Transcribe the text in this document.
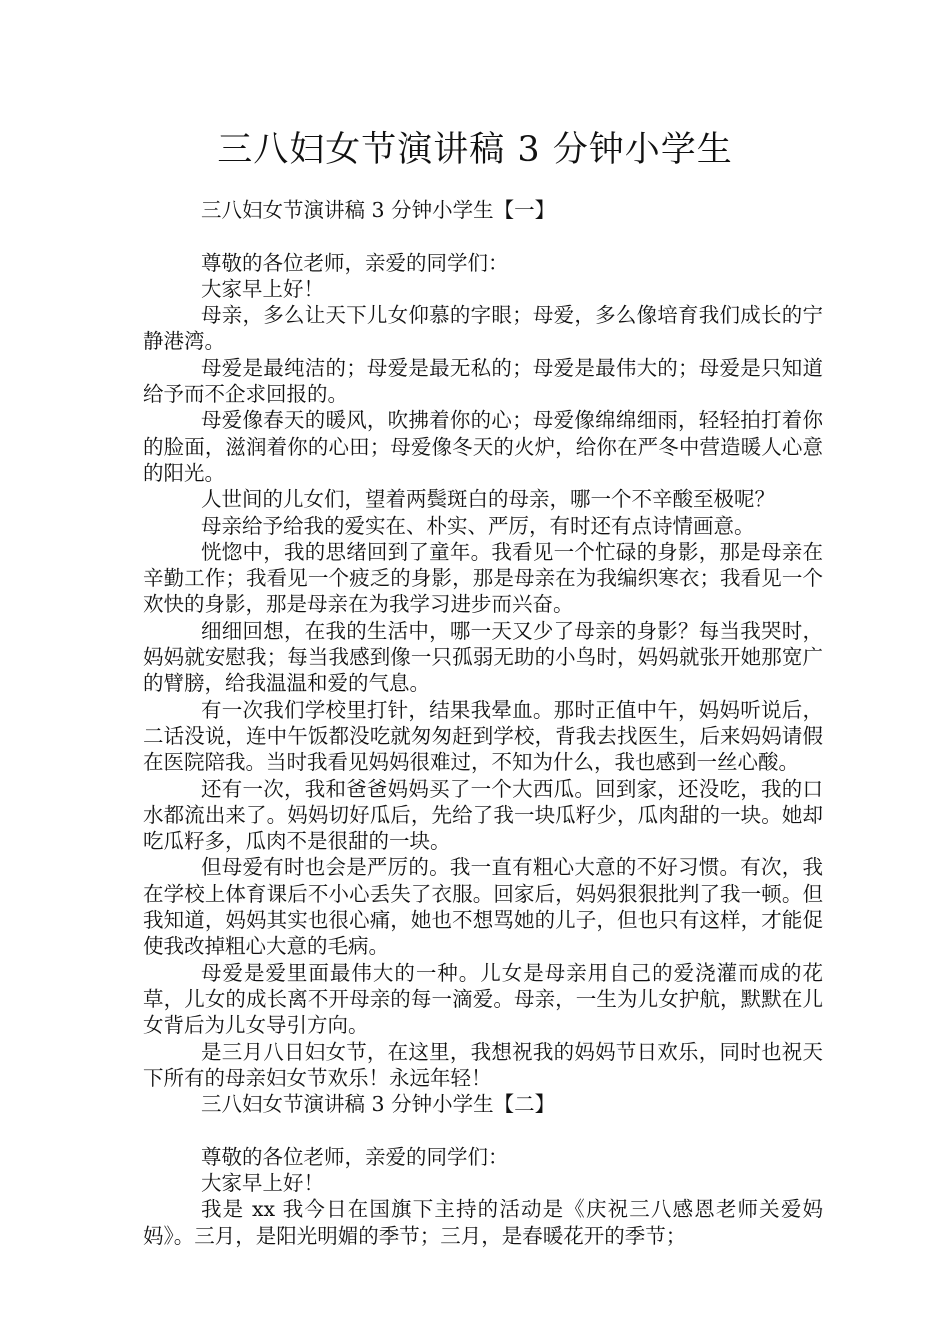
三八妇女节演讲稿 3 分钟小学生

三八妇女节演讲稿 3 分钟小学生【一】

尊敬的各位老师，亲爱的同学们：

大家早上好！

母亲，多么让天下儿女仰慕的字眼；母爱，多么像培育我们成长的宁静港湾。

母爱是最纯洁的；母爱是最无私的；母爱是最伟大的；母爱是只知道给予而不企求回报的。

母爱像春天的暖风，吹拂着你的心；母爱像绵绵细雨，轻轻拍打着你的脸面，滋润着你的心田；母爱像冬天的火炉，给你在严冬中营造暖人心意的阳光。

人世间的儿女们，望着两鬓斑白的母亲，哪一个不辛酸至极呢？

母亲给予给我的爱实在、朴实、严厉，有时还有点诗情画意。

恍惚中，我的思绪回到了童年。我看见一个忙碌的身影，那是母亲在辛勤工作；我看见一个疲乏的身影，那是母亲在为我编织寒衣；我看见一个欢快的身影，那是母亲在为我学习进步而兴奋。

细细回想，在我的生活中，哪一天又少了母亲的身影？每当我哭时，妈妈就安慰我；每当我感到像一只孤弱无助的小鸟时，妈妈就张开她那宽广的臂膀，给我温温和爱的气息。

有一次我们学校里打针，结果我晕血。那时正值中午，妈妈听说后，二话没说，连中午饭都没吃就匆匆赶到学校，背我去找医生，后来妈妈请假在医院陪我。当时我看见妈妈很难过，不知为什么，我也感到一丝心酸。

还有一次，我和爸爸妈妈买了一个大西瓜。回到家，还没吃，我的口水都流出来了。妈妈切好瓜后，先给了我一块瓜籽少，瓜肉甜的一块。她却吃瓜籽多，瓜肉不是很甜的一块。

但母爱有时也会是严厉的。我一直有粗心大意的不好习惯。有次，我在学校上体育课后不小心丢失了衣服。回家后，妈妈狠狠批判了我一顿。但我知道，妈妈其实也很心痛，她也不想骂她的儿子，但也只有这样，才能促使我改掉粗心大意的毛病。

母爱是爱里面最伟大的一种。儿女是母亲用自己的爱浇灌而成的花草，儿女的成长离不开母亲的每一滴爱。母亲，一生为儿女护航，默默在儿女背后为儿女导引方向。

是三月八日妇女节，在这里，我想祝我的妈妈节日欢乐，同时也祝天下所有的母亲妇女节欢乐！永远年轻！

三八妇女节演讲稿 3 分钟小学生【二】

尊敬的各位老师，亲爱的同学们：

大家早上好！

我是 xx 我今日在国旗下主持的活动是《庆祝三八感恩老师关爱妈妈》。三月，是阳光明媚的季节；三月，是春暖花开的季节；
